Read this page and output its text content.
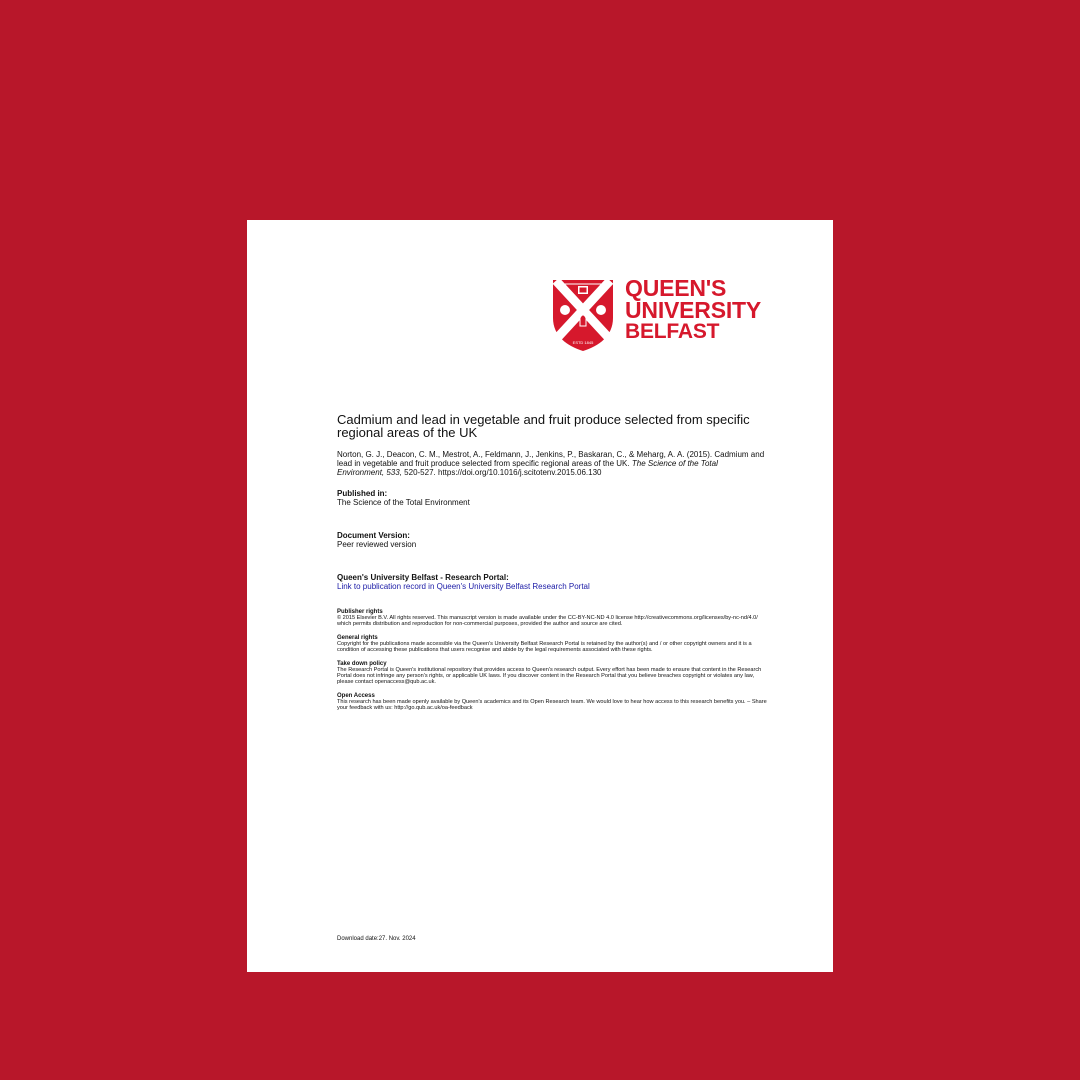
ESTD 1845
QUEEN'S
UNIVERSITY
BELFAST
Cadmium and lead in vegetable and fruit produce selected from specific regional areas of the UK
Norton, G. J., Deacon, C. M., Mestrot, A., Feldmann, J., Jenkins, P., Baskaran, C., & Meharg, A. A. (2015). Cadmium and lead in vegetable and fruit produce selected from specific regional areas of the UK. The Science of the Total Environment, 533, 520-527. https://doi.org/10.1016/j.scitotenv.2015.06.130
Published in:
The Science of the Total Environment
Document Version:
Peer reviewed version
Queen's University Belfast - Research Portal:
Link to publication record in Queen's University Belfast Research Portal
Publisher rights
© 2015 Elsevier B.V. All rights reserved. This manuscript version is made available under the CC-BY-NC-ND 4.0 license http://creativecommons.org/licenses/by-nc-nd/4.0/ which permits distribution and reproduction for non-commercial purposes, provided the author and source are cited.
General rights
Copyright for the publications made accessible via the Queen's University Belfast Research Portal is retained by the author(s) and / or other copyright owners and it is a condition of accessing these publications that users recognise and abide by the legal requirements associated with these rights.
Take down policy
The Research Portal is Queen's institutional repository that provides access to Queen's research output. Every effort has been made to ensure that content in the Research Portal does not infringe any person's rights, or applicable UK laws. If you discover content in the Research Portal that you believe breaches copyright or violates any law, please contact openaccess@qub.ac.uk.
Open Access
This research has been made openly available by Queen's academics and its Open Research team. We would love to hear how access to this research benefits you. – Share your feedback with us: http://go.qub.ac.uk/oa-feedback
Download date:27. Nov. 2024
